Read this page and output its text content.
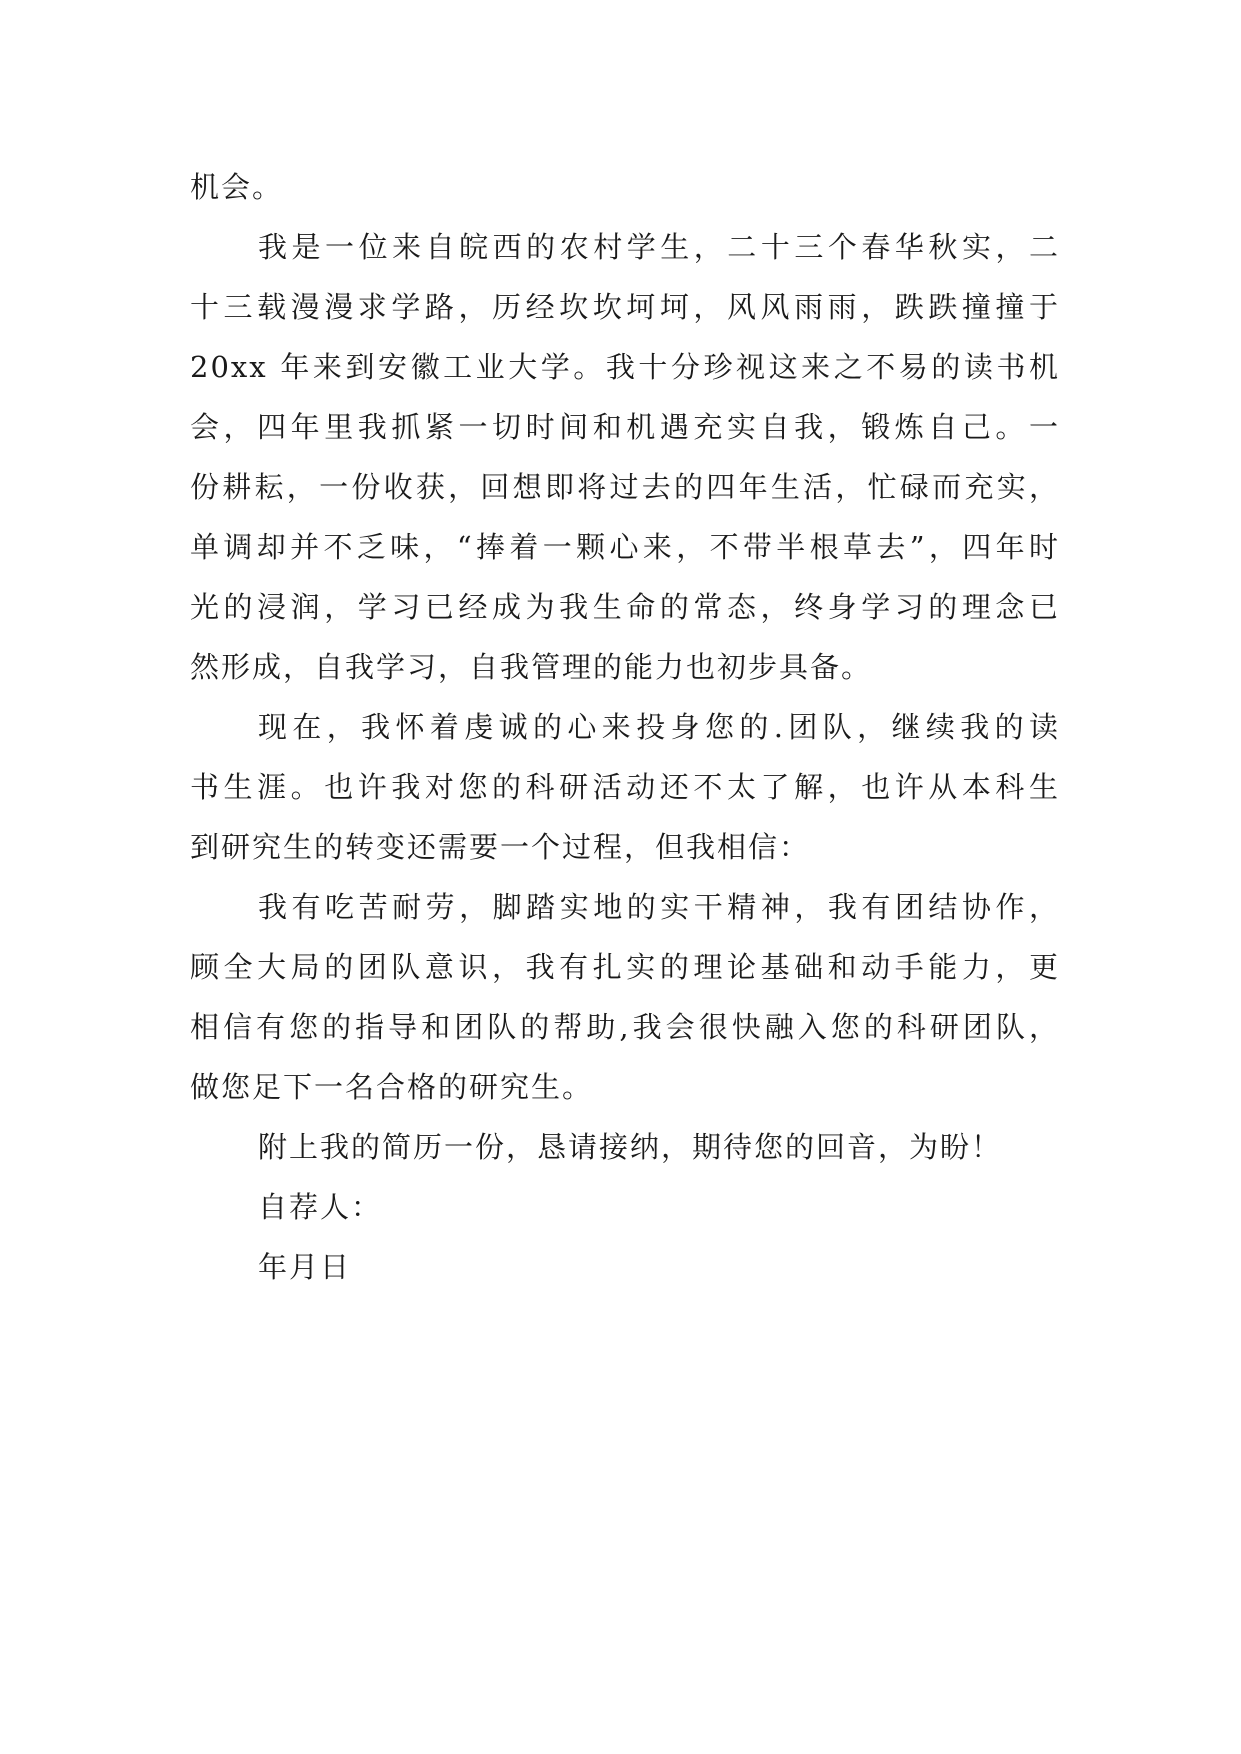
机会。
我是一位来自皖西的农村学生，二十三个春华秋实，二
十三载漫漫求学路，历经坎坎坷坷，风风雨雨，跌跌撞撞于
20xx 年来到安徽工业大学。我十分珍视这来之不易的读书机
会，四年里我抓紧一切时间和机遇充实自我，锻炼自己。一
份耕耘，一份收获，回想即将过去的四年生活，忙碌而充实，
单调却并不乏味，“捧着一颗心来，不带半根草去”，四年时
光的浸润，学习已经成为我生命的常态，终身学习的理念已
然形成，自我学习，自我管理的能力也初步具备。
现在，我怀着虔诚的心来投身您的.团队，继续我的读
书生涯。也许我对您的科研活动还不太了解，也许从本科生
到研究生的转变还需要一个过程，但我相信：
我有吃苦耐劳，脚踏实地的实干精神，我有团结协作，
顾全大局的团队意识，我有扎实的理论基础和动手能力，更
相信有您的指导和团队的帮助,我会很快融入您的科研团队，
做您足下一名合格的研究生。
附上我的简历一份，恳请接纳，期待您的回音，为盼！
自荐人：
年月日
